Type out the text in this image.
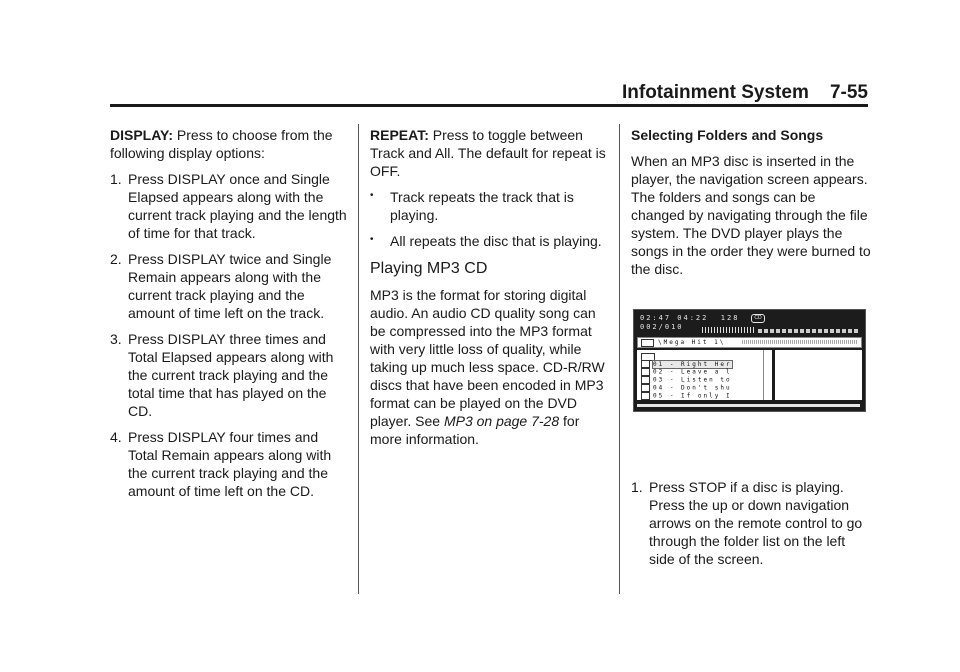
Infotainment System    7-55

DISPLAY: Press to choose from the following display options:

1. Press DISPLAY once and Single Elapsed appears along with the current track playing and the length of time for that track.
2. Press DISPLAY twice and Single Remain appears along with the current track playing and the amount of time left on the track.
3. Press DISPLAY three times and Total Elapsed appears along with the current track playing and the total time that has played on the CD.
4. Press DISPLAY four times and Total Remain appears along with the current track playing and the amount of time left on the CD.

REPEAT: Press to toggle between Track and All. The default for repeat is OFF.

•	Track repeats the track that is playing.
•	All repeats the disc that is playing.
Playing MP3 CD

MP3 is the format for storing digital audio. An audio CD quality song can be compressed into the MP3 format with very little loss of quality, while taking up much less space. CD-R/RW discs that have been encoded in MP3 format can be played on the DVD player. See MP3 on page 7-28 for more information.

Selecting Folders and Songs

When an MP3 disc is inserted in the player, the navigation screen appears. The folders and songs can be changed by navigating through the file system. The DVD player plays the songs in the order they were burned to the disc.

02:47 04:22  128
002/010
CD
\Mega Hit 1\
01 - Right Her
02 - Leave a l
03 - Listen to
04 - Don't shu
05 - If only I
1. Press STOP if a disc is playing. Press the up or down navigation arrows on the remote control to go through the folder list on the left side of the screen.
